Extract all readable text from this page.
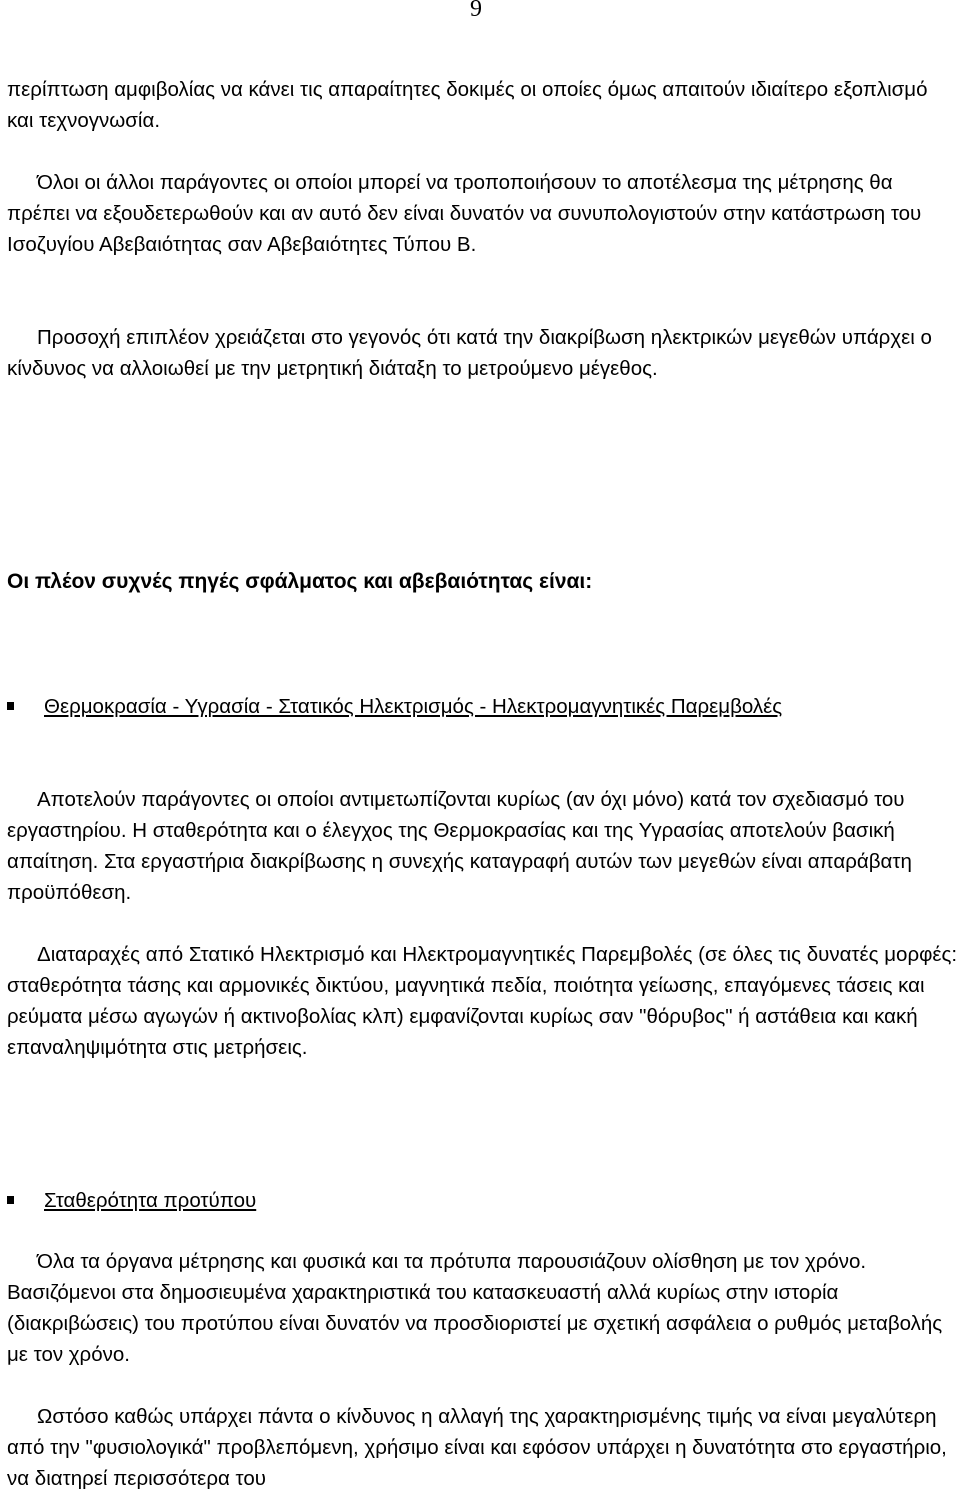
9

περίπτωση αμφιβολίας να κάνει τις απαραίτητες δοκιμές οι οποίες όμως απαιτούν ιδιαίτερο εξοπλισμό και τεχνογνωσία.

Όλοι οι άλλοι παράγοντες οι οποίοι μπορεί να τροποποιήσουν το αποτέλεσμα της μέτρησης θα πρέπει να εξουδετερωθούν και αν αυτό δεν είναι δυνατόν να συνυπολογιστούν στην κατάστρωση του Ισοζυγίου Αβεβαιότητας σαν Αβεβαιότητες Τύπου Β.

Προσοχή επιπλέον χρειάζεται στο γεγονός ότι κατά την διακρίβωση ηλεκτρικών μεγεθών υπάρχει ο κίνδυνος να αλλοιωθεί με την μετρητική διάταξη το μετρούμενο μέγεθος.

Οι πλέον συχνές πηγές σφάλματος και αβεβαιότητας είναι:

Θερμοκρασία - Υγρασία - Στατικός Ηλεκτρισμός - Ηλεκτρομαγνητικές Παρεμβολές

Αποτελούν παράγοντες οι οποίοι αντιμετωπίζονται κυρίως (αν όχι μόνο) κατά τον σχεδιασμό του εργαστηρίου. Η σταθερότητα και ο έλεγχος της Θερμοκρασίας και της Υγρασίας αποτελούν βασική απαίτηση. Στα εργαστήρια διακρίβωσης η συνεχής καταγραφή αυτών των μεγεθών είναι απαράβατη προϋπόθεση.

Διαταραχές από Στατικό Ηλεκτρισμό και Ηλεκτρομαγνητικές Παρεμβολές (σε όλες τις δυνατές μορφές: σταθερότητα τάσης και αρμονικές δικτύου, μαγνητικά πεδία, ποιότητα γείωσης, επαγόμενες τάσεις και ρεύματα μέσω αγωγών ή ακτινοβολίας κλπ) εμφανίζονται κυρίως σαν "θόρυβος" ή αστάθεια και κακή επαναληψιμότητα στις μετρήσεις.

Σταθερότητα προτύπου

Όλα τα όργανα μέτρησης και φυσικά και τα πρότυπα παρουσιάζουν ολίσθηση με τον χρόνο. Βασιζόμενοι στα δημοσιευμένα χαρακτηριστικά του κατασκευαστή αλλά κυρίως στην ιστορία (διακριβώσεις) του προτύπου είναι δυνατόν να προσδιοριστεί με σχετική ασφάλεια ο ρυθμός μεταβολής με τον χρόνο.

Ωστόσο καθώς υπάρχει πάντα ο κίνδυνος η αλλαγή της χαρακτηρισμένης τιμής να είναι μεγαλύτερη από την "φυσιολογικά" προβλεπόμενη, χρήσιμο είναι και εφόσον υπάρχει η δυνατότητα στο εργαστήριο, να διατηρεί περισσότερα του
